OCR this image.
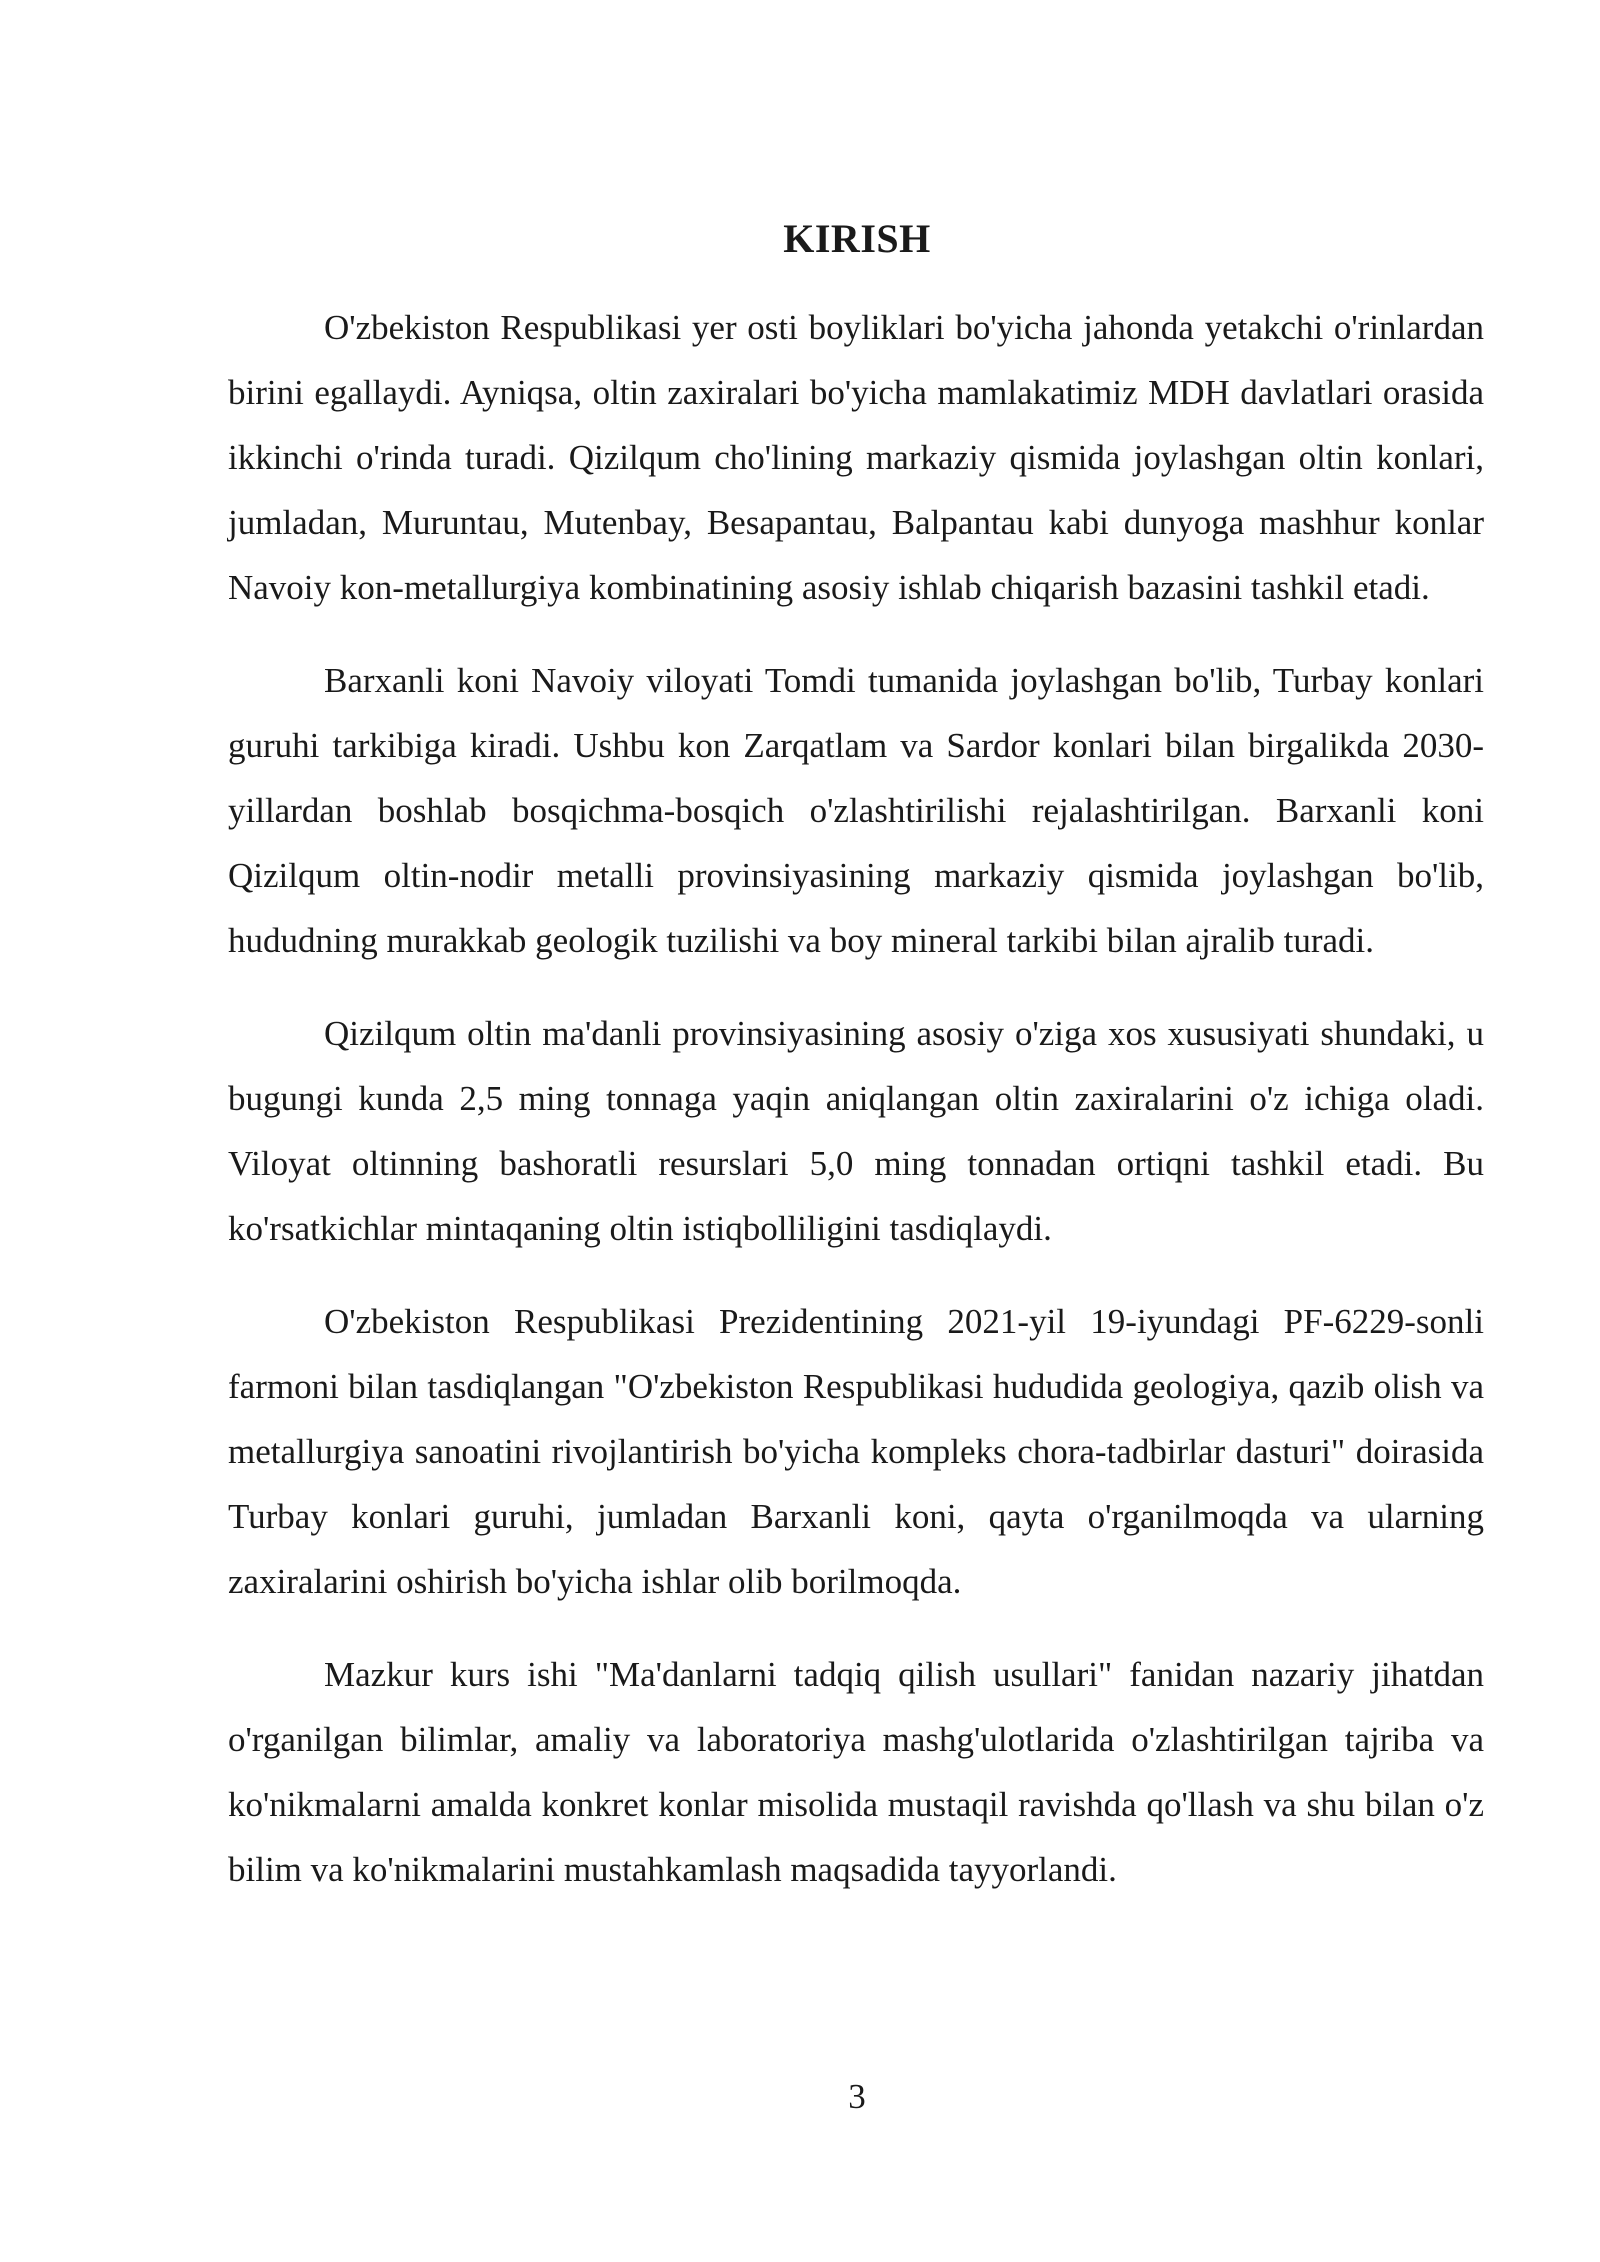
KIRISH

O'zbekiston Respublikasi yer osti boyliklari bo'yicha jahonda yetakchi o'rinlardan birini egallaydi. Ayniqsa, oltin zaxiralari bo'yicha mamlakatimiz MDH davlatlari orasida ikkinchi o'rinda turadi. Qizilqum cho'lining markaziy qismida joylashgan oltin konlari, jumladan, Muruntau, Mutenbay, Besapantau, Balpantau kabi dunyoga mashhur konlar Navoiy kon-metallurgiya kombinatining asosiy ishlab chiqarish bazasini tashkil etadi.

Barxanli koni Navoiy viloyati Tomdi tumanida joylashgan bo'lib, Turbay konlari guruhi tarkibiga kiradi. Ushbu kon Zarqatlam va Sardor konlari bilan birgalikda 2030-yillardan boshlab bosqichma-bosqich o'zlashtirilishi rejalashtirilgan. Barxanli koni Qizilqum oltin-nodir metalli provinsiyasining markaziy qismida joylashgan bo'lib, hududning murakkab geologik tuzilishi va boy mineral tarkibi bilan ajralib turadi.

Qizilqum oltin ma'danli provinsiyasining asosiy o'ziga xos xususiyati shundaki, u bugungi kunda 2,5 ming tonnaga yaqin aniqlangan oltin zaxiralarini o'z ichiga oladi. Viloyat oltinning bashoratli resurslari 5,0 ming tonnadan ortiqni tashkil etadi. Bu ko'rsatkichlar mintaqaning oltin istiqbolliligini tasdiqlaydi.

O'zbekiston Respublikasi Prezidentining 2021-yil 19-iyundagi PF-6229-sonli farmoni bilan tasdiqlangan "O'zbekiston Respublikasi hududida geologiya, qazib olish va metallurgiya sanoatini rivojlantirish bo'yicha kompleks chora-tadbirlar dasturi" doirasida Turbay konlari guruhi, jumladan Barxanli koni, qayta o'rganilmoqda va ularning zaxiralarini oshirish bo'yicha ishlar olib borilmoqda.

Mazkur kurs ishi "Ma'danlarni tadqiq qilish usullari" fanidan nazariy jihatdan o'rganilgan bilimlar, amaliy va laboratoriya mashg'ulotlarida o'zlashtirilgan tajriba va ko'nikmalarni amalda konkret konlar misolida mustaqil ravishda qo'llash va shu bilan o'z bilim va ko'nikmalarini mustahkamlash maqsadida tayyorlandi.

3
